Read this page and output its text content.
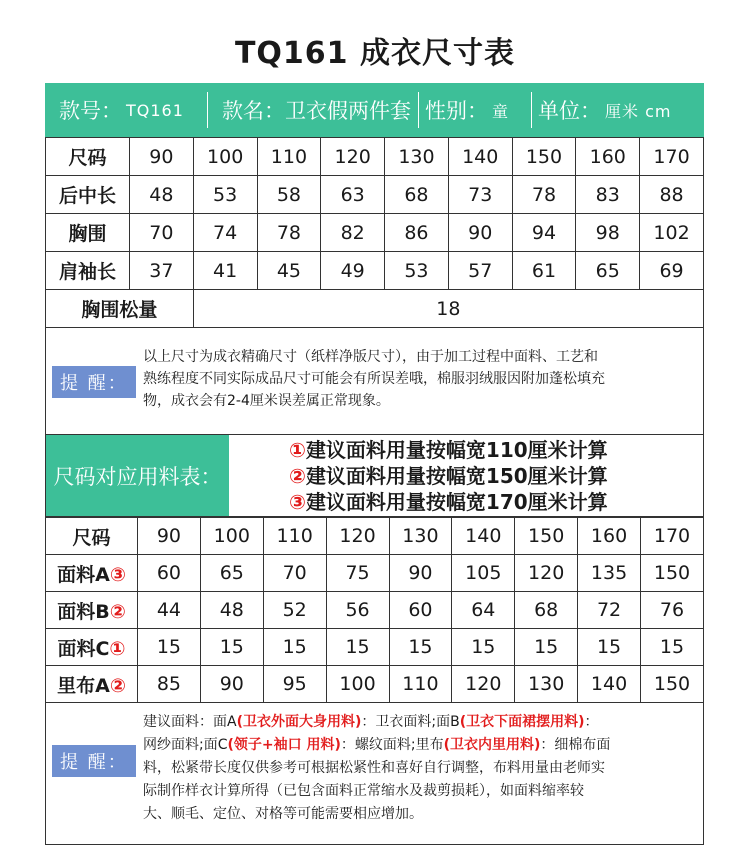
TQ161 成衣尺寸表
款号： TQ161 款名： 卫衣假两件套 性别： 童 单位： 厘米 cm
尺码	90	100	110	120	130	140	150	160	170
后中长	48	53	58	63	68	73	78	83	88
胸围	70	74	78	82	86	90	94	98	102
肩袖长	37	41	45	49	53	57	61	65	69
胸围松量		18							
提 醒：
以上尺寸为成衣精确尺寸（纸样净版尺寸），由于加工过程中面料、工艺和
熟练程度不同实际成品尺寸可能会有所误差哦，棉服羽绒服因附加蓬松填充
物，成衣会有2-4厘米误差属正常现象。
尺码对应用料表：
①建议面料用量按幅宽110厘米计算
②建议面料用量按幅宽150厘米计算
③建议面料用量按幅宽170厘米计算
尺码	90	100	110	120	130	140	150	160	170
面料A③	60	65	70	75	90	105	120	135	150
面料B②	44	48	52	56	60	64	68	72	76
面料C①	15	15	15	15	15	15	15	15	15
里布A②	85	90	95	100	110	120	130	140	150
提 醒：
建议面料：面A(卫衣外面大身用料)：卫衣面料;面B(卫衣下面裙摆用料)：
网纱面料;面C(领子+袖口 用料)：螺纹面料;里布(卫衣内里用料)：细棉布面
料，松紧带长度仅供参考可根据松紧性和喜好自行调整，布料用量由老师实
际制作样衣计算所得（已包含面料正常缩水及裁剪损耗），如面料缩率较
大、顺毛、定位、对格等可能需要相应增加。
